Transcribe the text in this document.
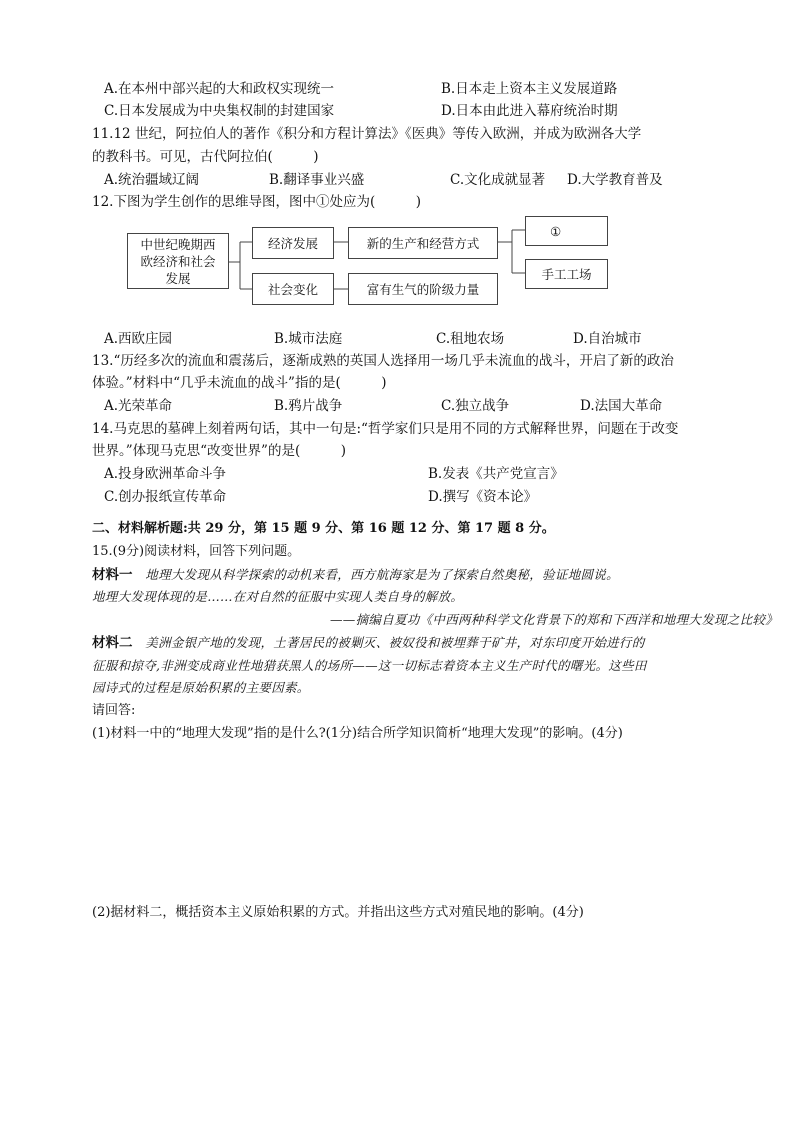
A.在本州中部兴起的大和政权实现统一	B.日本走上资本主义发展道路
C.日本发展成为中央集权制的封建国家	D.日本由此进入幕府统治时期
11.12 世纪，阿拉伯人的著作《积分和方程计算法》《医典》等传入欧洲，并成为欧洲各大学
的教科书。可见，古代阿拉伯(　　　)
A.统治疆域辽阔	B.翻译事业兴盛	C.文化成就显著 D.大学教育普及
12.下图为学生创作的思维导图，图中①处应为(　　　)
中世纪晚期西欧经济和社会发展
经济发展
社会变化
新的生产和经营方式
富有生气的阶级力量
①
手工工场
A.西欧庄园	B.城市法庭	C.租地农场	D.自治城市
13.“历经多次的流血和震荡后，逐渐成熟的英国人选择用一场几乎未流血的战斗，开启了新的政治
体验。”材料中“几乎未流血的战斗”指的是(　　　)
A.光荣革命	B.鸦片战争	C.独立战争	D.法国大革命
14.马克思的墓碑上刻着两句话，其中一句是:“哲学家们只是用不同的方式解释世界，问题在于改变
世界。”体现马克思“改变世界”的是(　　　)
A.投身欧洲革命斗争	B.发表《共产党宣言》
C.创办报纸宣传革命	D.撰写《资本论》
二、材料解析题:共 29 分，第 15 题 9 分、第 16 题 12 分、第 17 题 8 分。
15.(9分)阅读材料，回答下列问题。
材料一　地理大发现从科学探索的动机来看，西方航海家是为了探索自然奥秘，验证地圆说。
地理大发现体现的是……在对自然的征服中实现人类自身的解放。
——摘编自夏功《中西两种科学文化背景下的郑和下西洋和地理大发现之比较》
材料二　美洲金银产地的发现，土著居民的被剿灭、被奴役和被埋葬于矿井，对东印度开始进行的
征服和掠夺,非洲变成商业性地猎获黑人的场所——这一切标志着资本主义生产时代的曙光。这些田
园诗式的过程是原始积累的主要因素。
请回答:
(1)材料一中的“地理大发现”指的是什么?(1分)结合所学知识简析“地理大发现”的影响。(4分)
(2)据材料二，概括资本主义原始积累的方式。并指出这些方式对殖民地的影响。(4分)
